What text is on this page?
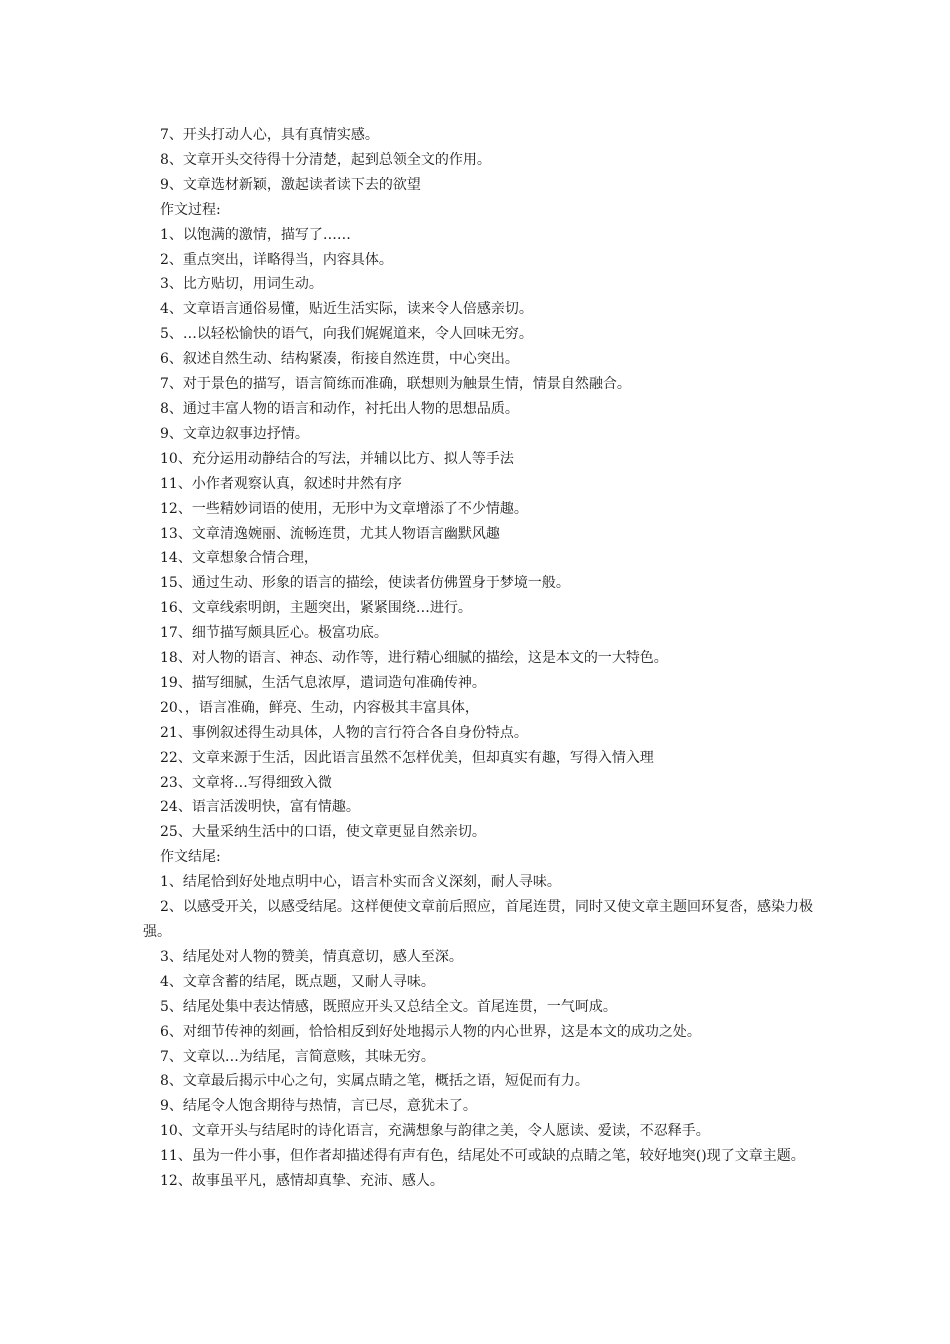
7、开头打动人心，具有真情实感。
8、文章开头交待得十分清楚，起到总领全文的作用。
9、文章选材新颖，激起读者读下去的欲望
作文过程:
1、以饱满的激情，描写了……
2、重点突出，详略得当，内容具体。
3、比方贴切，用词生动。
4、文章语言通俗易懂，贴近生活实际，读来令人倍感亲切。
5、…以轻松愉快的语气，向我们娓娓道来，令人回味无穷。
6、叙述自然生动、结构紧凑，衔接自然连贯，中心突出。
7、对于景色的描写，语言简练而准确，联想则为触景生情，情景自然融合。
8、通过丰富人物的语言和动作，衬托出人物的思想品质。
9、文章边叙事边抒情。
10、充分运用动静结合的写法，并辅以比方、拟人等手法
11、小作者观察认真，叙述时井然有序
12、一些精妙词语的使用，无形中为文章增添了不少情趣。
13、文章清逸婉丽、流畅连贯，尤其人物语言幽默风趣
14、文章想象合情合理，
15、通过生动、形象的语言的描绘，使读者仿佛置身于梦境一般。
16、文章线索明朗，主题突出，紧紧围绕…进行。
17、细节描写颇具匠心。极富功底。
18、对人物的语言、神态、动作等，进行精心细腻的描绘，这是本文的一大特色。
19、描写细腻，生活气息浓厚，遣词造句准确传神。
20、，语言准确，鲜亮、生动，内容极其丰富具体，
21、事例叙述得生动具体，人物的言行符合各自身份特点。
22、文章来源于生活，因此语言虽然不怎样优美，但却真实有趣，写得入情入理
23、文章将…写得细致入微
24、语言活泼明快，富有情趣。
25、大量采纳生活中的口语，使文章更显自然亲切。
作文结尾:
1、结尾恰到好处地点明中心，语言朴实而含义深刻，耐人寻味。
2、以感受开关，以感受结尾。这样便使文章前后照应，首尾连贯，同时又使文章主题回环复沓，感染力极强。
3、结尾处对人物的赞美，情真意切，感人至深。
4、文章含蓄的结尾，既点题，又耐人寻味。
5、结尾处集中表达情感，既照应开头又总结全文。首尾连贯，一气呵成。
6、对细节传神的刻画，恰恰相反到好处地揭示人物的内心世界，这是本文的成功之处。
7、文章以…为结尾，言简意赅，其味无穷。
8、文章最后揭示中心之句，实属点睛之笔，概括之语，短促而有力。
9、结尾令人饱含期待与热情，言已尽，意犹未了。
10、文章开头与结尾时的诗化语言，充满想象与韵律之美，令人愿读、爱读，不忍释手。
11、虽为一件小事，但作者却描述得有声有色，结尾处不可或缺的点睛之笔，较好地突()现了文章主题。
12、故事虽平凡，感情却真挚、充沛、感人。
